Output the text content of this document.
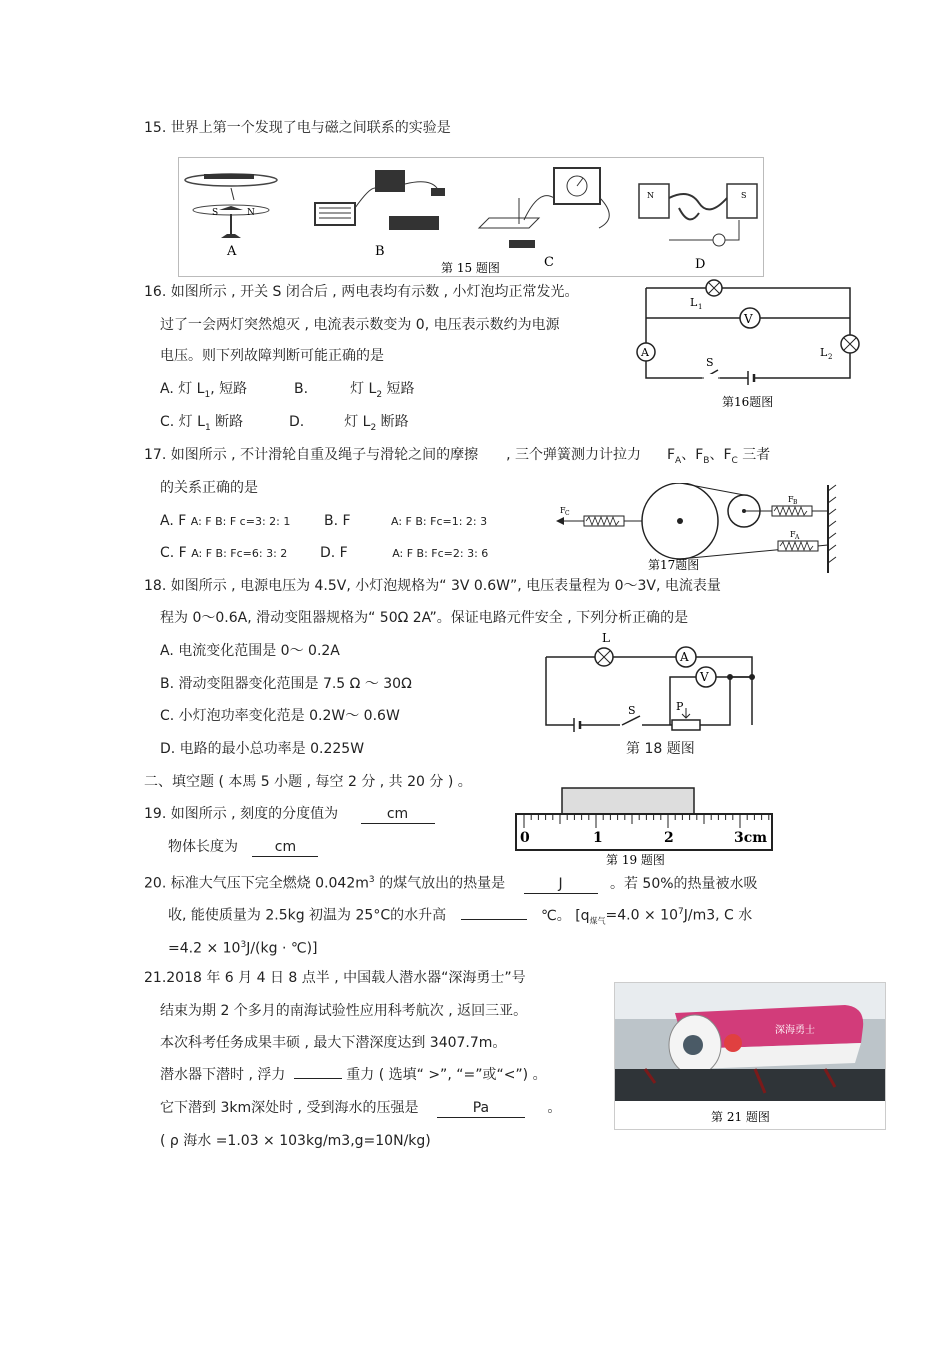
15. 世界上第一个发现了电与磁之间联系的实验是
S	N
A	B
C
N	S
D
第 15 题图
16. 如图所示 , 开关 S 闭合后 , 两电表均有示数 , 小灯泡均正常发光。
过了一会两灯突然熄灭 , 电流表示数变为 0, 电压表示数约为电源
电压。则下列故障判断可能正确的是
A. 灯 $L_1$, 短路	B.	灯 $L_2$ 短路
C. 灯 $L_1$ 断路	D.	灯 $L_2$ 断路
V
A
L 1
L 2
S
第16题图
17. 如图所示 , 不计滑轮自重及绳子与滑轮之间的摩擦 , 三个弹簧测力计拉力 $F_A$、$F_B$、$F_C$ 三者
的关系正确的是
A. F A: F B: F c=3: 2: 1 B. F	A: F B: Fc=1: 2: 3
C. F A: F B: Fc=6: 3: 2 D. F	A: F B: Fc=2: 3: 6
F C
F B
F A
第17题图
18. 如图所示 , 电源电压为 4.5V, 小灯泡规格为“ 3V 0.6W”, 电压表量程为 0～3V, 电流表量
程为 0～0.6A, 滑动变阻器规格为“ 50Ω 2A”。保证电路元件安全 , 下列分析正确的是
A. 电流变化范围是 0～ 0.2A
B. 滑动变阻器变化范围是 7.5 Ω ～ 30Ω
C. 小灯泡功率变化范是 0.2W～ 0.6W
D. 电路的最小总功率是 0.225W
A
V
L
S	P
第 18 题图
二、填空题 ( 本馬 5 小题 , 每空 2 分 , 共 20 分 ) 。
19. 如图所示 , 刻度的分度值为	cm
物体长度为	cm
0	1	2	3cm
第 19 题图
20. 标准大气压下完全燃烧 $0.042m^3$ 的煤气放出的热量是	J	。若 50%的热量被水吸
收, 能使质量为 2.5kg 初温为 25°C的水升高	℃。 [$q_{煤气}=4.0 \times 10^7J/m3$, C 水
$=4.2 \times 10^3J/(kg$ · ℃)]
21.2018 年 6 月 4 日 8 点半 , 中国载人潜水器“深海勇士”号
结束为期 2 个多月的南海试验性应用科考航次 , 返回三亚。
本次科考任务成果丰硕 , 最大下潜深度达到 3407.7m。
潜水器下潜时 , 浮力	重力 ( 选填“ >”, “=”或“<”) 。
它下潜到 3km深处时 , 受到海水的压强是	Pa	。
( ρ 海水 =1.03 × 103kg/m3,g=10N/kg)
深海勇士
第 21 题图
